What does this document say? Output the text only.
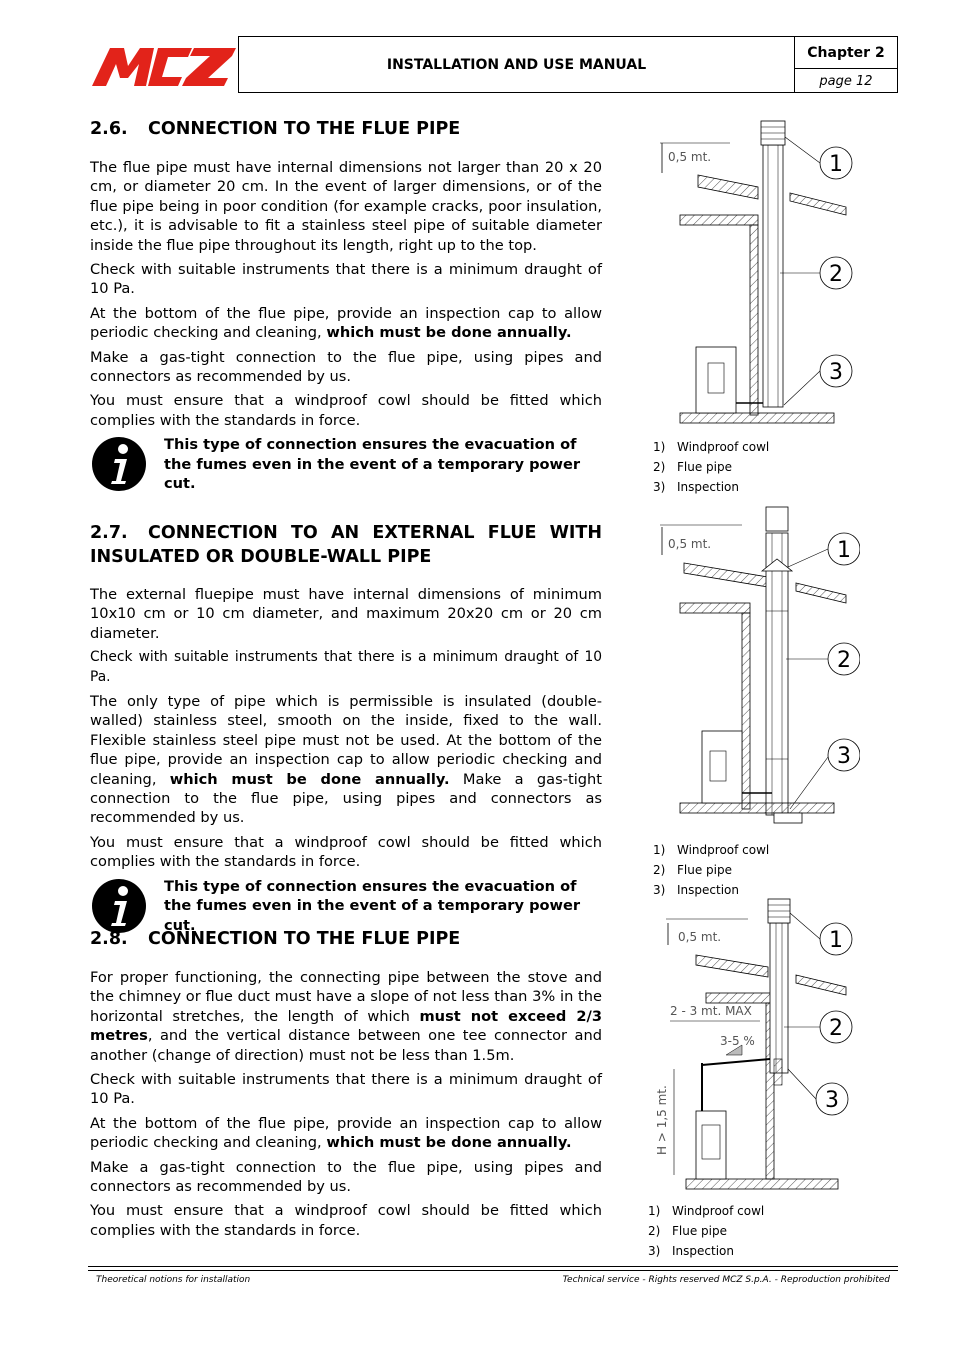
MCZ
INSTALLATION AND USE MANUAL
Chapter 2
page
12
2.6. CONNECTION TO THE FLUE PIPE

The flue pipe must have internal dimensions not larger than 20 x 20 cm, or diameter 20 cm. In the event of larger dimensions, or of the flue pipe being in poor condition (for example cracks, poor insulation, etc.), it is advisable to fit a stainless steel pipe of suitable diameter inside the flue pipe throughout its length, right up to the top.

Check with suitable instruments that there is a minimum draught of 10 Pa.

At the bottom of the flue pipe, provide an inspection cap to allow periodic checking and cleaning, which must be done annually.

Make a gas-tight connection to the flue pipe, using pipes and connectors as recommended by us.

You must ensure that a windproof cowl should be fitted which complies with the standards in force.

This type of connection ensures the evacuation of the fumes even in the event of a temporary power cut.
2.7. CONNECTION TO AN EXTERNAL FLUE WITH INSULATED OR DOUBLE-WALL PIPE

The external fluepipe must have internal dimensions of minimum 10x10 cm or 10 cm diameter, and maximum 20x20 cm or 20 cm diameter.

Check with suitable instruments that there is a minimum draught of 10 Pa.

The only type of pipe which is permissible is insulated (double-walled) stainless steel, smooth on the inside, fixed to the wall. Flexible stainless steel pipe must not be used. At the bottom of the flue pipe, provide an inspection cap to allow periodic checking and cleaning, which must be done annually. Make a gas-tight connection to the flue pipe, using pipes and connectors as recommended by us.

You must ensure that a windproof cowl should be fitted which complies with the standards in force.

This type of connection ensures the evacuation of the fumes even in the event of a temporary power cut.
2.8. CONNECTION TO THE FLUE PIPE

For proper functioning, the connecting pipe between the stove and the chimney or flue duct must have a slope of not less than 3% in the horizontal stretches, the length of which must not exceed 2/3 metres, and the vertical distance between one tee connector and another (change of direction) must not be less than 1.5m.

Check with suitable instruments that there is a minimum draught of 10 Pa.

At the bottom of the flue pipe, provide an inspection cap to allow periodic checking and cleaning, which must be done annually.

Make a gas-tight connection to the flue pipe, using pipes and connectors as recommended by us.

You must ensure that a windproof cowl should be fitted which complies with the standards in force.

0,5 mt.	1
2
3
1) Windproof cowl
2) Flue pipe
3) Inspection
0,5 mt.	1
2
3
1) Windproof cowl
2) Flue pipe
3) Inspection
0,5 mt.
2 - 3 mt. MAX
3-5 %
H > 1,5 mt.
1
2
3
1) Windproof cowl
2) Flue pipe
3) Inspection
Theoretical notions for installation	Technical service - Rights reserved MCZ S.p.A. - Reproduction prohibited
